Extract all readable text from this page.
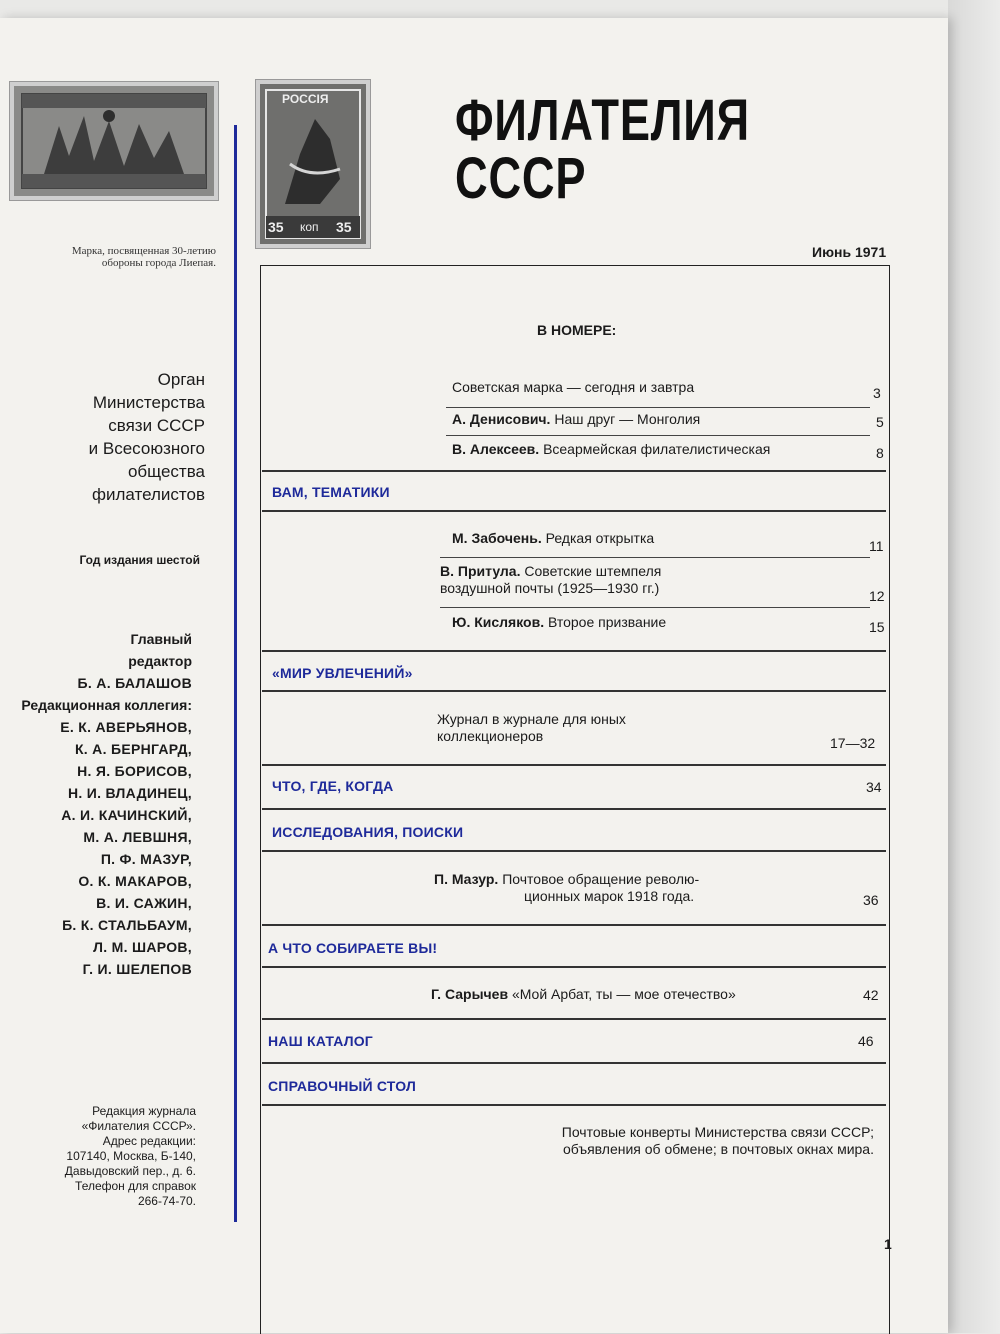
РОССIЯ
35 коп 35
ФИЛАТЕЛИЯ
СССР
Июнь 1971
Марка, посвященная 30-летию обороны города Лиепая.
Орган
Министерства
связи СССР
и Всесоюзного
общества
филателистов
Год издания шестой
Главный
редактор
Б. А. БАЛАШОВ
Редакционная коллегия:
Е. К. АВЕРЬЯНОВ,
К. А. БЕРНГАРД,
Н. Я. БОРИСОВ,
Н. И. ВЛАДИНЕЦ,
А. И. КАЧИНСКИЙ,
М. А. ЛЕВШНЯ,
П. Ф. МАЗУР,
О. К. МАКАРОВ,
В. И. САЖИН,
Б. К. СТАЛЬБАУМ,
Л. М. ШАРОВ,
Г. И. ШЕЛЕПОВ
Редакция журнала
«Филателия СССР».
Адрес редакции:
107140, Москва, Б-140,
Давыдовский пер., д. 6.
Телефон для справок
266-74-70.
В НОМЕРЕ:
Советская марка — сегодня и завтра	3
А. Денисович. Наш друг — Монголия	5
В. Алексеев. Всеармейская филателистическая	8
ВАМ, ТЕМАТИКИ
М. Забочень. Редкая открытка	11
В. Притула. Советские штемпеля
воздушной почты (1925—1930 гг.)	12
Ю. Кисляков. Второе призвание	15
«МИР УВЛЕЧЕНИЙ»
Журнал в журнале для юных
коллекционеров	17—32
ЧТО, ГДЕ, КОГДА	34
ИССЛЕДОВАНИЯ, ПОИСКИ
П. Мазур. Почтовое обращение револю-
ционных марок 1918 года.	36
А ЧТО СОБИРАЕТЕ ВЫ!
Г. Сарычев «Мой Арбат, ты — мое отечество»	42
НАШ КАТАЛОГ	46
СПРАВОЧНЫЙ СТОЛ
Почтовые конверты Министерства связи СССР;
объявления об обмене; в почтовых окнах мира.
1
